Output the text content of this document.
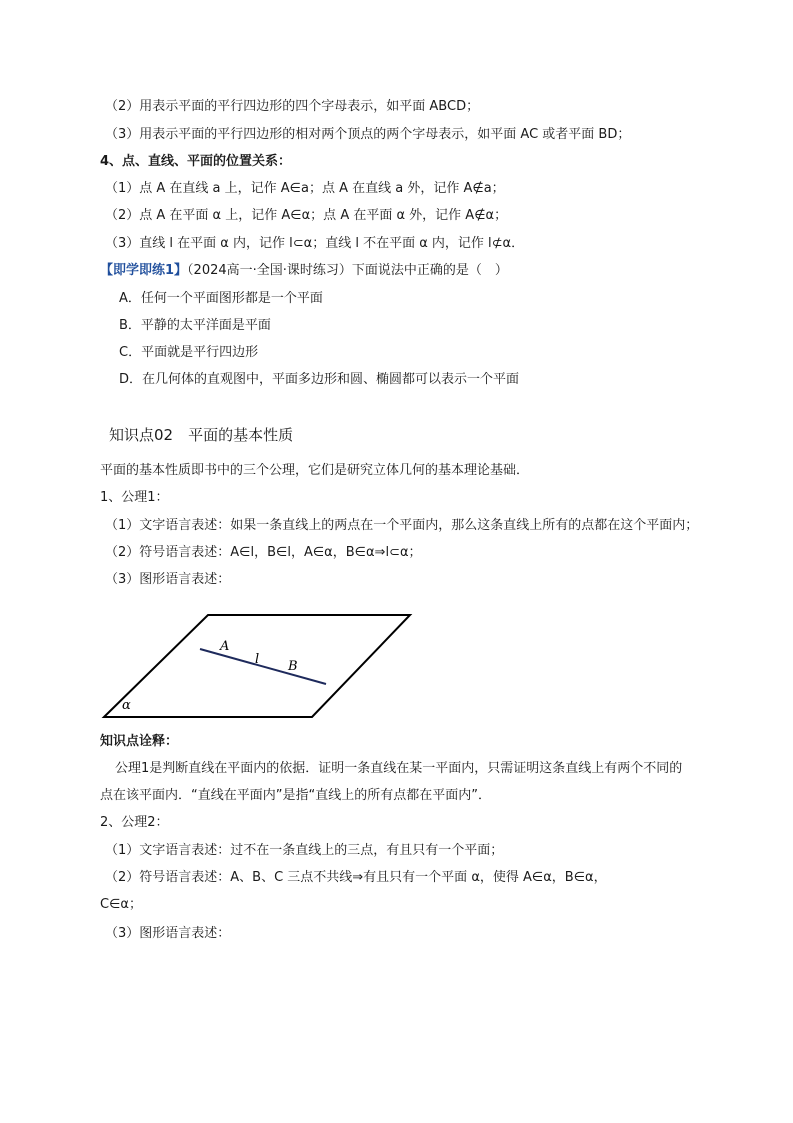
（2）用表示平面的平行四边形的四个字母表示，如平面 ABCD；
（3）用表示平面的平行四边形的相对两个顶点的两个字母表示，如平面 AC 或者平面 BD；
4、点、直线、平面的位置关系：
（1）点 A 在直线 a 上，记作 A∈a；点 A 在直线 a 外，记作 A∉a；
（2）点 A 在平面 α 上，记作 A∈α；点 A 在平面 α 外，记作 A∉α；
（3）直线 l 在平面 α 内，记作 l⊂α；直线 l 不在平面 α 内，记作 l⊄α．
【即学即练1】（2024高一·全国·课时练习）下面说法中正确的是（　）
A．任何一个平面图形都是一个平面
B．平静的太平洋面是平面
C．平面就是平行四边形
D．在几何体的直观图中，平面多边形和圆、椭圆都可以表示一个平面
知识点02　平面的基本性质
平面的基本性质即书中的三个公理，它们是研究立体几何的基本理论基础．
1、公理1：
（1）文字语言表述：如果一条直线上的两点在一个平面内，那么这条直线上所有的点都在这个平面内；
（2）符号语言表述：A∈l，B∈l，A∈α，B∈α⇒l⊂α；
（3）图形语言表述：
A
l B
α
知识点诠释：
公理1是判断直线在平面内的依据．证明一条直线在某一平面内，只需证明这条直线上有两个不同的
点在该平面内．“直线在平面内”是指“直线上的所有点都在平面内”．
2、公理2：
（1）文字语言表述：过不在一条直线上的三点，有且只有一个平面；
（2）符号语言表述：A、B、C 三点不共线⇒有且只有一个平面 α，使得 A∈α，B∈α，
C∈α；
（3）图形语言表述：
